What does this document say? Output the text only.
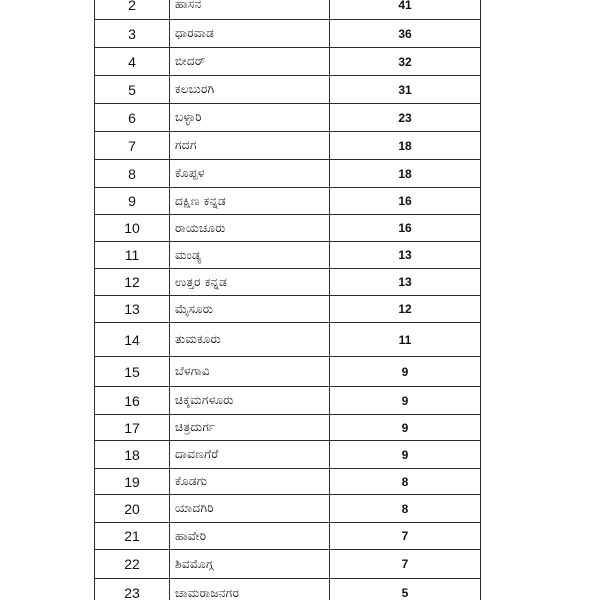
2	ಹಾಸನ	41
3	ಧಾರವಾಡ	36
4	ಬೀದರ್	32
5	ಕಲಬುರಗಿ	31
6	ಬಳ್ಳಾರಿ	23
7	ಗದಗ	18
8	ಕೊಪ್ಪಳ	18
9	ದಕ್ಷಿಣ ಕನ್ನಡ	16
10	ರಾಯಚೂರು	16
11	ಮಂಡ್ಯ	13
12	ಉತ್ತರ ಕನ್ನಡ	13
13	ಮೈಸೂರು	12
14	ತುಮಕೂರು	11
15	ಬೆಳಗಾವಿ	9
16	ಚಿಕ್ಕಮಗಳೂರು	9
17	ಚಿತ್ರದುರ್ಗ	9
18	ದಾವಣಗೆರೆ	9
19	ಕೊಡಗು	8
20	ಯಾದಗಿರಿ	8
21	ಹಾವೇರಿ	7
22	ಶಿವಮೊಗ್ಗ	7
23	ಚಾಮರಾಜನಗರ	5
